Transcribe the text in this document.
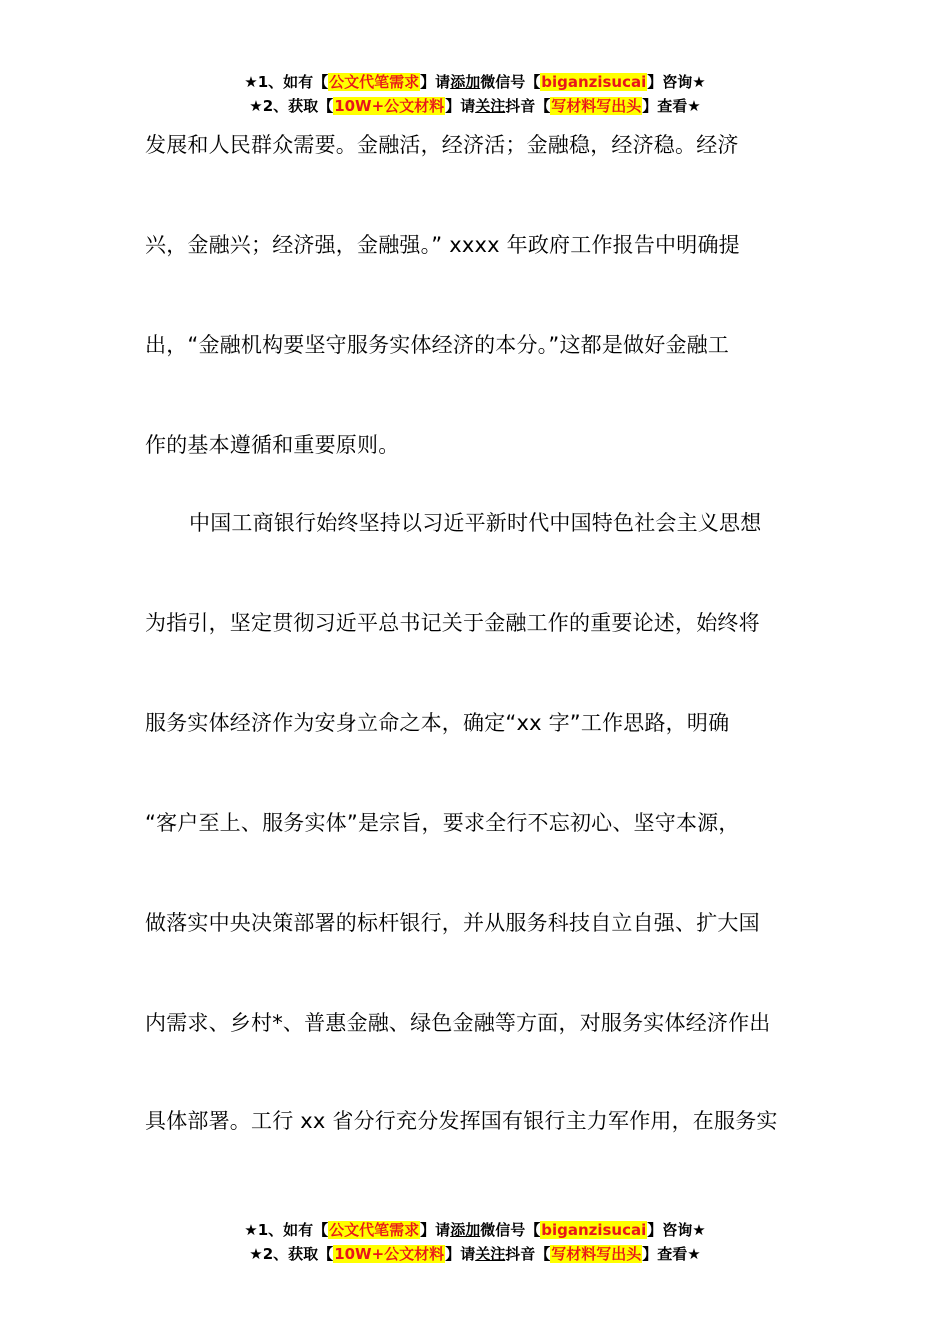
★1、如有【公文代笔需求】请添加微信号【biganzisucai】咨询★
★2、获取【10W+公文材料】请关注抖音【写材料写出头】查看★
发展和人民群众需要。金融活，经济活；金融稳，经济稳。经济
兴，金融兴；经济强，金融强。” xxxx 年政府工作报告中明确提
出，“金融机构要坚守服务实体经济的本分。”这都是做好金融工
作的基本遵循和重要原则。
中国工商银行始终坚持以习近平新时代中国特色社会主义思想
为指引，坚定贯彻习近平总书记关于金融工作的重要论述，始终将
服务实体经济作为安身立命之本，确定“xx 字”工作思路，明确
“客户至上、服务实体”是宗旨，要求全行不忘初心、坚守本源，
做落实中央决策部署的标杆银行，并从服务科技自立自强、扩大国
内需求、乡村*、普惠金融、绿色金融等方面，对服务实体经济作出
具体部署。工行 xx 省分行充分发挥国有银行主力军作用，在服务实
★1、如有【公文代笔需求】请添加微信号【biganzisucai】咨询★
★2、获取【10W+公文材料】请关注抖音【写材料写出头】查看★
